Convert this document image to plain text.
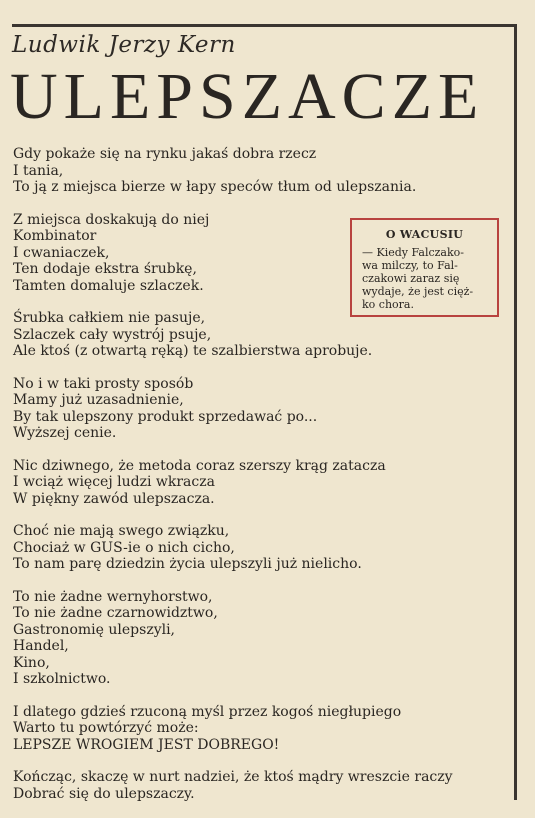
Ludwik Jerzy Kern
ULEPSZACZE
Gdy pokaże się na rynku jakaś dobra rzecz
I tania,
To ją z miejsca bierze w łapy speców tłum od ulepszania.
Z miejsca doskakują do niej
Kombinator
I cwaniaczek,
Ten dodaje ekstra śrubkę,
Tamten domaluje szlaczek.
Śrubka całkiem nie pasuje,
Szlaczek cały wystrój psuje,
Ale ktoś (z otwartą ręką) te szalbierstwa aprobuje.
No i w taki prosty sposób
Mamy już uzasadnienie,
By tak ulepszony produkt sprzedawać po...
Wyższej cenie.
Nic dziwnego, że metoda coraz szerszy krąg zatacza
I wciąż więcej ludzi wkracza
W piękny zawód ulepszacza.
Choć nie mają swego związku,
Chociaż w GUS-ie o nich cicho,
To nam parę dziedzin życia ulepszyli już nielicho.
To nie żadne wernyhorstwo,
To nie żadne czarnowidztwo,
Gastronomię ulepszyli,
Handel,
Kino,
I szkolnictwo.
I dlatego gdzieś rzuconą myśl przez kogoś niegłupiego
Warto tu powtórzyć może:
LEPSZE WROGIEM JEST DOBREGO!
Kończąc, skaczę w nurt nadziei, że ktoś mądry wreszcie raczy
Dobrać się do ulepszaczy.
O WACUSIU
— Kiedy Falczako-
wa milczy, to Fal-
czakowi zaraz się
wydaje, że jest cięż-
ko chora.
